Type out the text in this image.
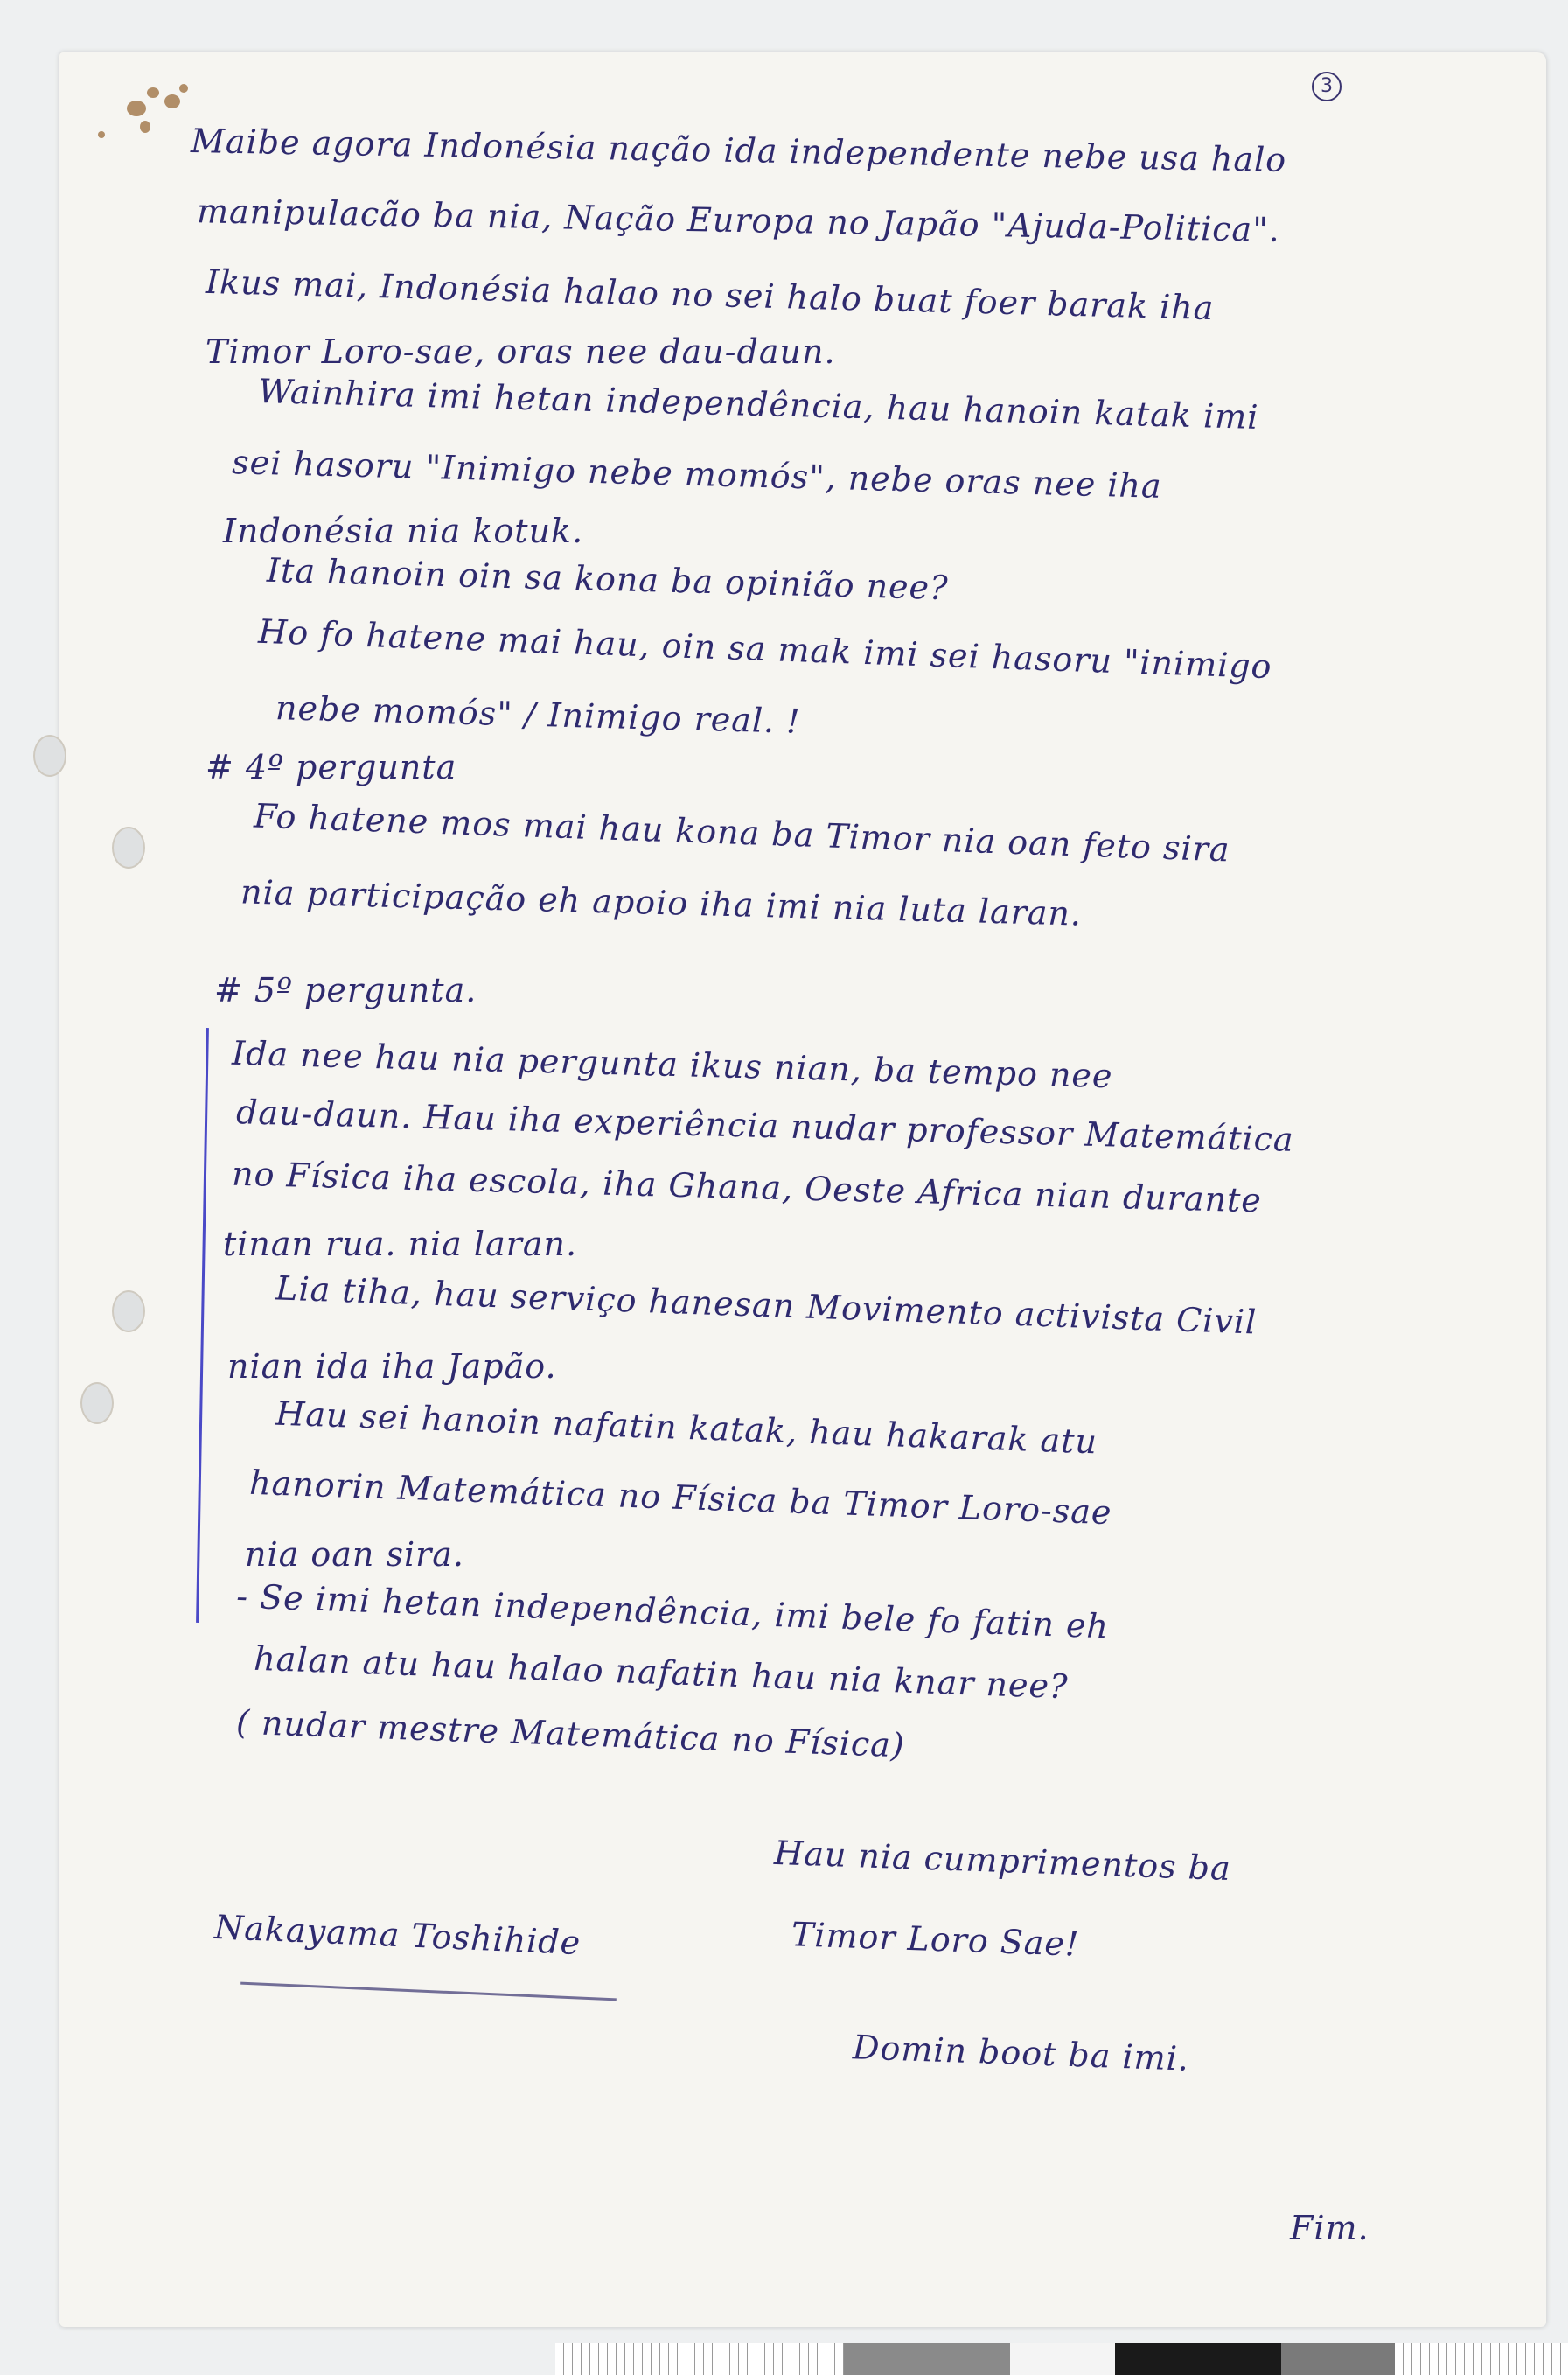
3
Maibe agora Indonésia nação ida independente nebe usa halo
manipulacão ba nia, Nação Europa no Japão "Ajuda-Politica".
Ikus mai, Indonésia halao no sei halo buat foer barak iha
Timor Loro-sae, oras nee dau-daun.
Wainhira imi hetan independência, hau hanoin katak imi
sei hasoru "Inimigo nebe momós", nebe oras nee iha
Indonésia nia kotuk.
Ita hanoin oin sa kona ba opinião nee?
Ho fo hatene mai hau, oin sa mak imi sei hasoru "inimigo
nebe momós" / Inimigo real. !
# 4º pergunta
Fo hatene mos mai hau kona ba Timor nia oan feto sira
nia participação eh apoio iha imi nia luta laran.
# 5º pergunta.
Ida nee hau nia pergunta ikus nian, ba tempo nee
dau-daun. Hau iha experiência nudar professor Matemática
no Física iha escola, iha Ghana, Oeste Africa nian durante
tinan rua. nia laran.
Lia tiha, hau serviço hanesan Movimento activista Civil
nian ida iha Japão.
Hau sei hanoin nafatin katak, hau hakarak atu
hanorin Matemática no Física ba Timor Loro-sae
nia oan sira.
- Se imi hetan independência, imi bele fo fatin eh
halan atu hau halao nafatin hau nia knar nee?
( nudar mestre Matemática no Física)
Hau nia cumprimentos ba
Timor Loro Sae!
Domin boot ba imi.
Nakayama Toshihide
Fim.
